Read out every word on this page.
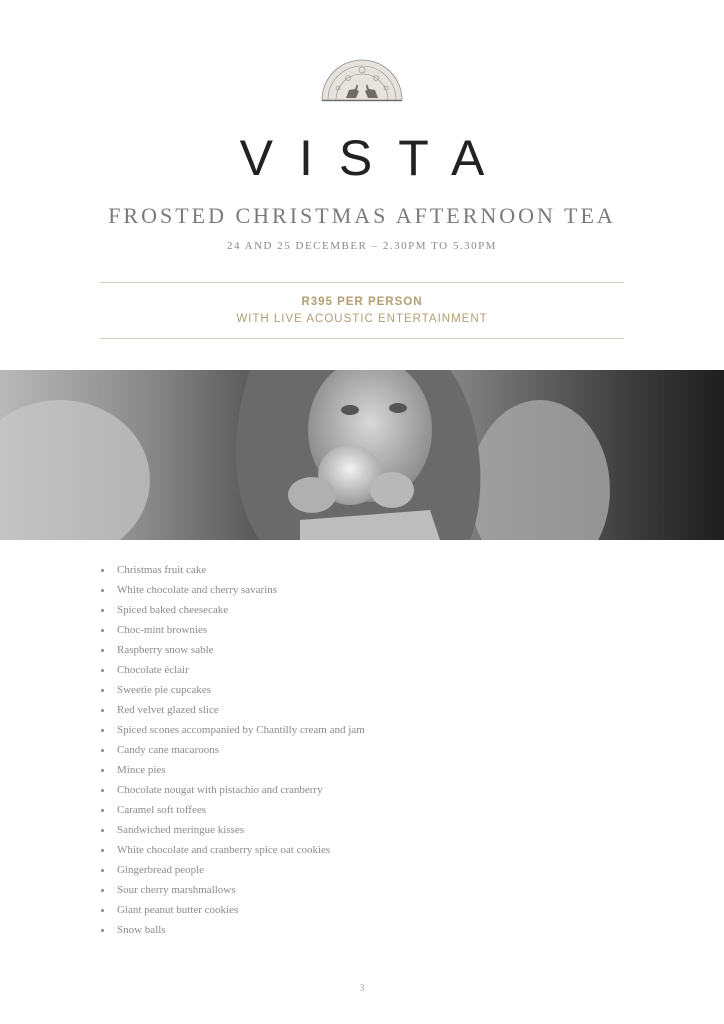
VISTA
FROSTED CHRISTMAS AFTERNOON TEA
24 AND 25 DECEMBER – 2.30PM TO 5.30PM
R395 PER PERSON
WITH LIVE ACOUSTIC ENTERTAINMENT
Christmas fruit cake
White chocolate and cherry savarins
Spiced baked cheesecake
Choc-mint brownies
Raspberry snow sable
Chocolate éclair
Sweetie pie cupcakes
Red velvet glazed slice
Spiced scones accompanied by Chantilly cream and jam
Candy cane macaroons
Mince pies
Chocolate nougat with pistachio and cranberry
Caramel soft toffees
Sandwiched meringue kisses
White chocolate and cranberry spice oat cookies
Gingerbread people
Sour cherry marshmallows
Giant peanut butter cookies
Snow balls
3
